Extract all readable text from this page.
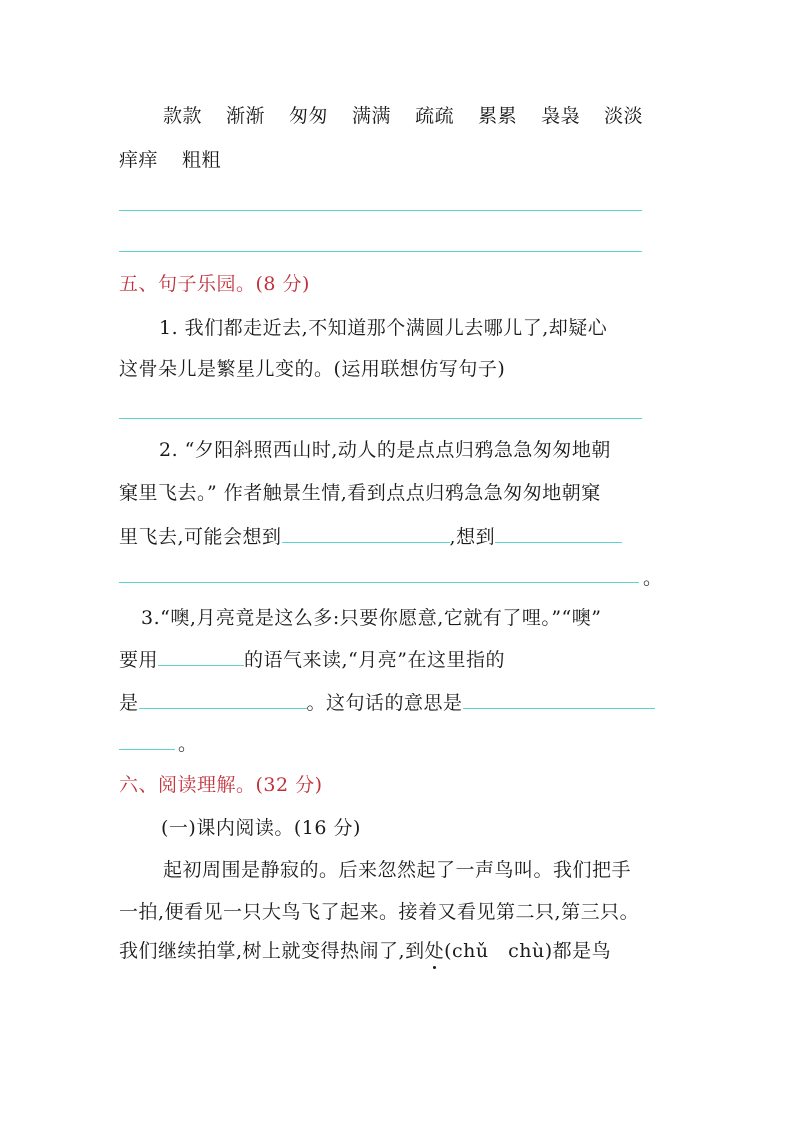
款款 渐渐 匆匆 满满 疏疏 累累 袅袅 淡淡
痒痒 粗粗
五、句子乐园。(8 分)
1. 我们都走近去,不知道那个满圆儿去哪儿了,却疑心
这骨朵儿是繁星儿变的。(运用联想仿写句子)
2. “夕阳斜照西山时,动人的是点点归鸦急急匆匆地朝
窠里飞去。” 作者触景生情,看到点点归鸦急急匆匆地朝窠
里飞去,可能会想到	,想到
。
3.“噢,月亮竟是这么多:只要你愿意,它就有了哩。”“噢”
要用	的语气来读,“月亮”在这里指的
是	。这句话的意思是
。
六、阅读理解。(32 分)
(一)课内阅读。(16 分)
起初周围是静寂的。后来忽然起了一声鸟叫。我们把手
一拍,便看见一只大鸟飞了起来。接着又看见第二只,第三只。
我们继续拍掌,树上就变得热闹了,到处(chǔ　chù)都是鸟
